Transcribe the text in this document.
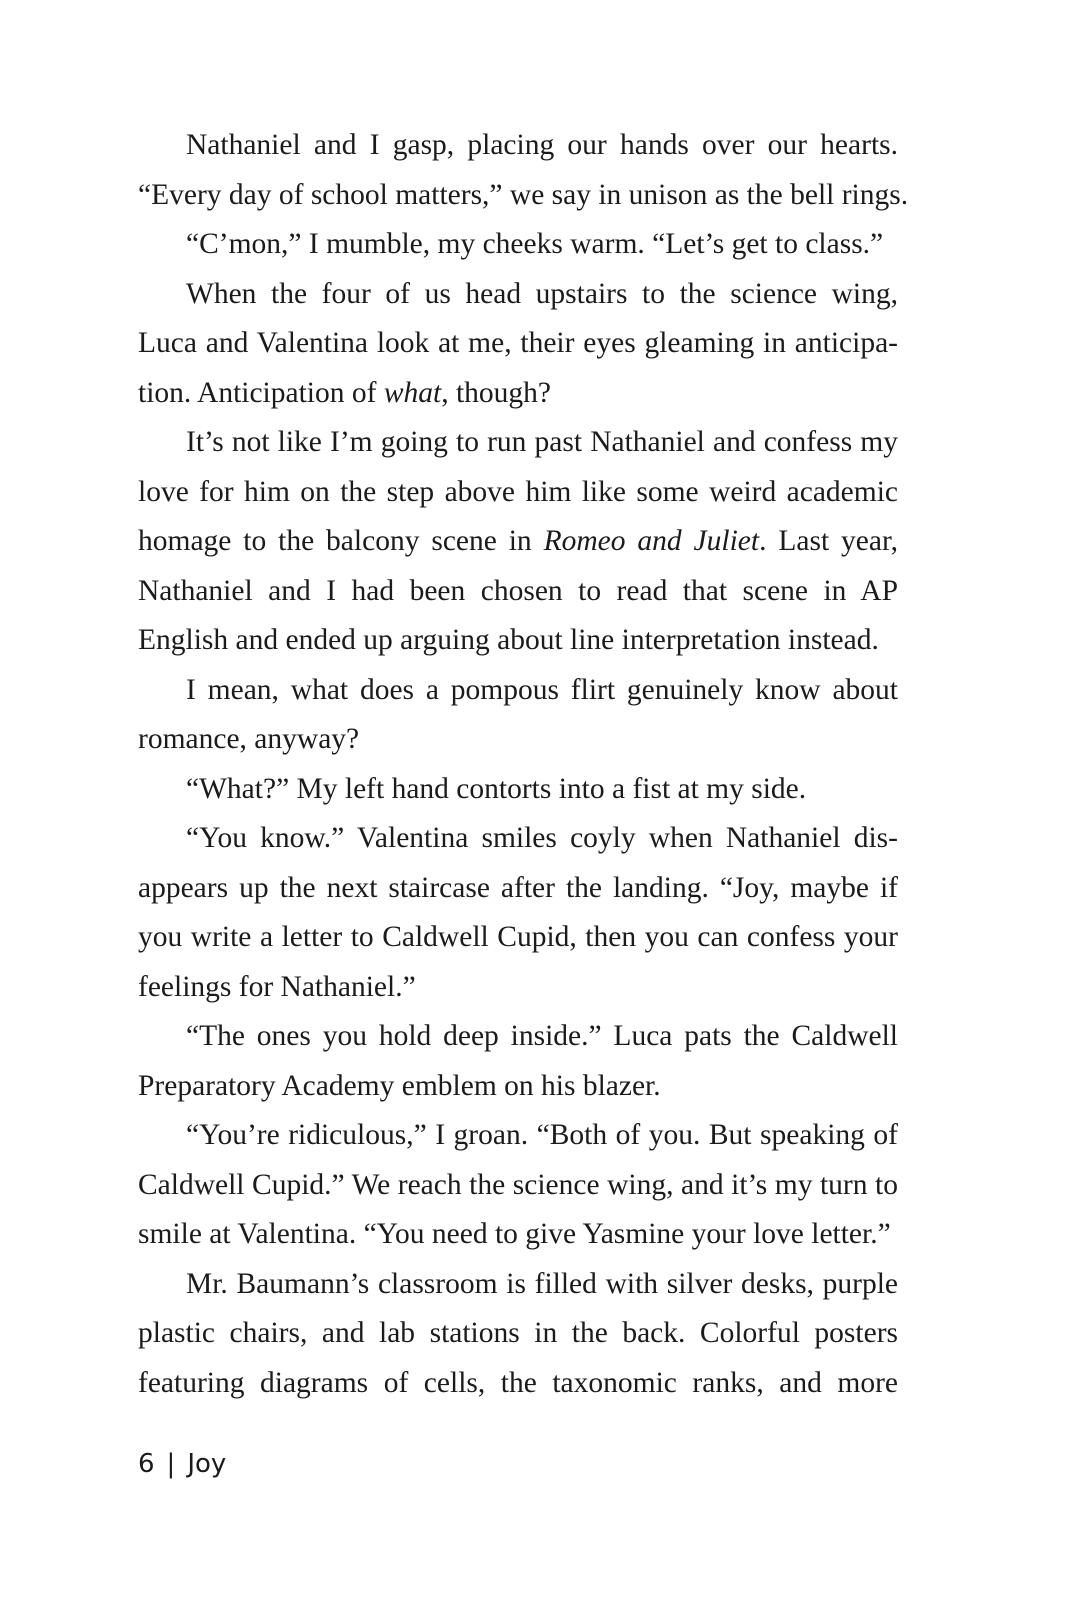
Nathaniel and I gasp, placing our hands over our hearts.
“Every day of school matters,” we say in unison as the bell rings.
“C’mon,” I mumble, my cheeks warm. “Let’s get to class.”
When the four of us head upstairs to the science wing,
Luca and Valentina look at me, their eyes gleaming in anticipa-
tion. Anticipation of what, though?
It’s not like I’m going to run past Nathaniel and confess my
love for him on the step above him like some weird academic
homage to the balcony scene in Romeo and Juliet. Last year,
Nathaniel and I had been chosen to read that scene in AP
English and ended up arguing about line interpretation instead.
I mean, what does a pompous flirt genuinely know about
romance, anyway?
“What?” My left hand contorts into a fist at my side.
“You know.” Valentina smiles coyly when Nathaniel dis-
appears up the next staircase after the landing. “Joy, maybe if
you write a letter to Caldwell Cupid, then you can confess your
feelings for Nathaniel.”
“The ones you hold deep inside.” Luca pats the Caldwell
Preparatory Academy emblem on his blazer.
“You’re ridiculous,” I groan. “Both of you. But speaking of
Caldwell Cupid.” We reach the science wing, and it’s my turn to
smile at Valentina. “You need to give Yasmine your love letter.”
Mr. Baumann’s classroom is filled with silver desks, purple
plastic chairs, and lab stations in the back. Colorful posters
featuring diagrams of cells, the taxonomic ranks, and more
6 | Joy
